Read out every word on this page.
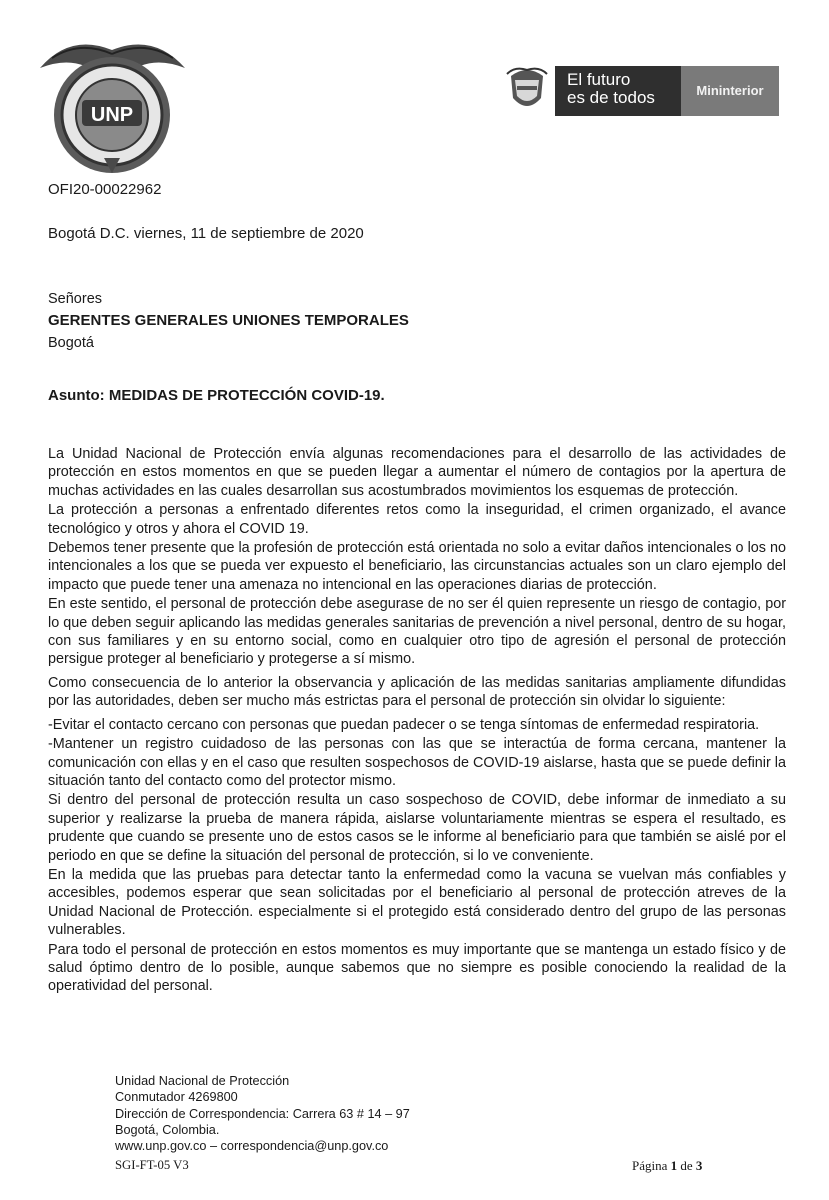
UNP
El futuro
es de todos	Mininterior
OFI20-00022962
Bogotá D.C. viernes, 11 de septiembre de 2020
Señores
GERENTES GENERALES UNIONES TEMPORALES
Bogotá
Asunto: MEDIDAS DE PROTECCIÓN COVID-19.

La Unidad Nacional de Protección envía algunas recomendaciones para el desarrollo de las actividades de protección en estos momentos en que se pueden llegar a aumentar el número de contagios por la apertura de muchas actividades en las cuales desarrollan sus acostumbrados movimientos los esquemas de protección.

La protección a personas a enfrentado diferentes retos como la inseguridad, el crimen organizado, el avance tecnológico y otros y ahora el COVID 19.

Debemos tener presente que la profesión de protección está orientada no solo a evitar daños intencionales o los no intencionales a los que se pueda ver expuesto el beneficiario, las circunstancias actuales son un claro ejemplo del impacto que puede tener una amenaza no intencional en las operaciones diarias de protección.

En este sentido, el personal de protección debe asegurase de no ser él quien represente un riesgo de contagio, por lo que deben seguir aplicando las medidas generales sanitarias de prevención a nivel personal, dentro de su hogar, con sus familiares y en su entorno social, como en cualquier otro tipo de agresión el personal de protección persigue proteger al beneficiario y protegerse a sí mismo.

Como consecuencia de lo anterior la observancia y aplicación de las medidas sanitarias ampliamente difundidas por las autoridades, deben ser mucho más estrictas para el personal de protección sin olvidar lo siguiente:

-Evitar el contacto cercano con personas que puedan padecer o se tenga síntomas de enfermedad respiratoria.

-Mantener un registro cuidadoso de las personas con las que se interactúa de forma cercana, mantener la comunicación con ellas y en el caso que resulten sospechosos de COVID-19 aislarse, hasta que se puede definir la situación tanto del contacto como del protector mismo.

Si dentro del personal de protección resulta un caso sospechoso de COVID, debe informar de inmediato a su superior y realizarse la prueba de manera rápida, aislarse voluntariamente mientras se espera el resultado, es prudente que cuando se presente uno de estos casos se le informe al beneficiario para que también se aislé por el periodo en que se define la situación del personal de protección, si lo ve conveniente.

En la medida que las pruebas para detectar tanto la enfermedad como la vacuna se vuelvan más confiables y accesibles, podemos esperar que sean solicitadas por el beneficiario al personal de protección atreves de la Unidad Nacional de Protección. especialmente si el protegido está considerado dentro del grupo de las personas vulnerables.

Para todo el personal de protección en estos momentos es muy importante que se mantenga un estado físico y de salud óptimo dentro de lo posible, aunque sabemos que no siempre es posible conociendo la realidad de la operatividad del personal.

Unidad Nacional de Protección
Conmutador 4269800
Dirección de Correspondencia: Carrera 63 # 14 – 97
Bogotá, Colombia.
www.unp.gov.co – correspondencia@unp.gov.co
SGI-FT-05 V3	Página 1 de 3
